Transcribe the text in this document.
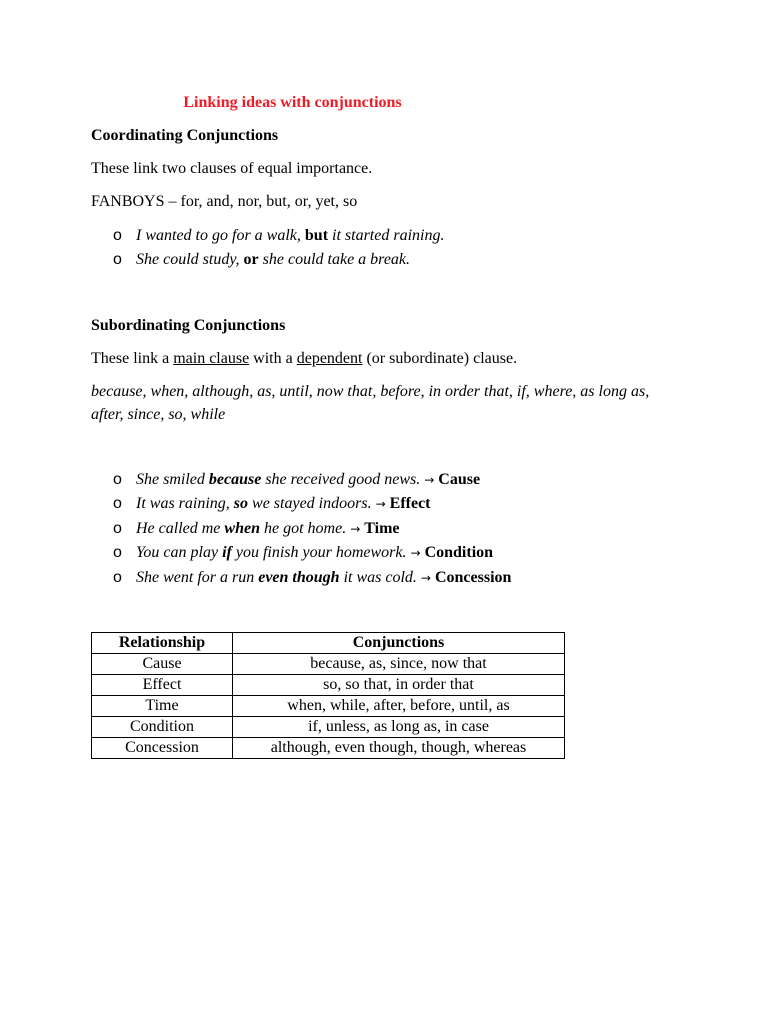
Linking ideas with conjunctions
Coordinating Conjunctions
These link two clauses of equal importance.
FANBOYS – for, and, nor, but, or, yet, so
o I wanted to go for a walk, but it started raining.
o She could study, or she could take a break.
Subordinating Conjunctions
These link a main clause with a dependent (or subordinate) clause.
because, when, although, as, until, now that, before, in order that, if, where, as long as, after, since, so, while
o She smiled because she received good news. → Cause
o It was raining, so we stayed indoors. → Effect
o He called me when he got home. → Time
o You can play if you finish your homework. → Condition
o She went for a run even though it was cold. → Concession
Relationship	Conjunctions
Cause	because, as, since, now that
Effect	so, so that, in order that
Time	when, while, after, before, until, as
Condition	if, unless, as long as, in case
Concession	although, even though, though, whereas
